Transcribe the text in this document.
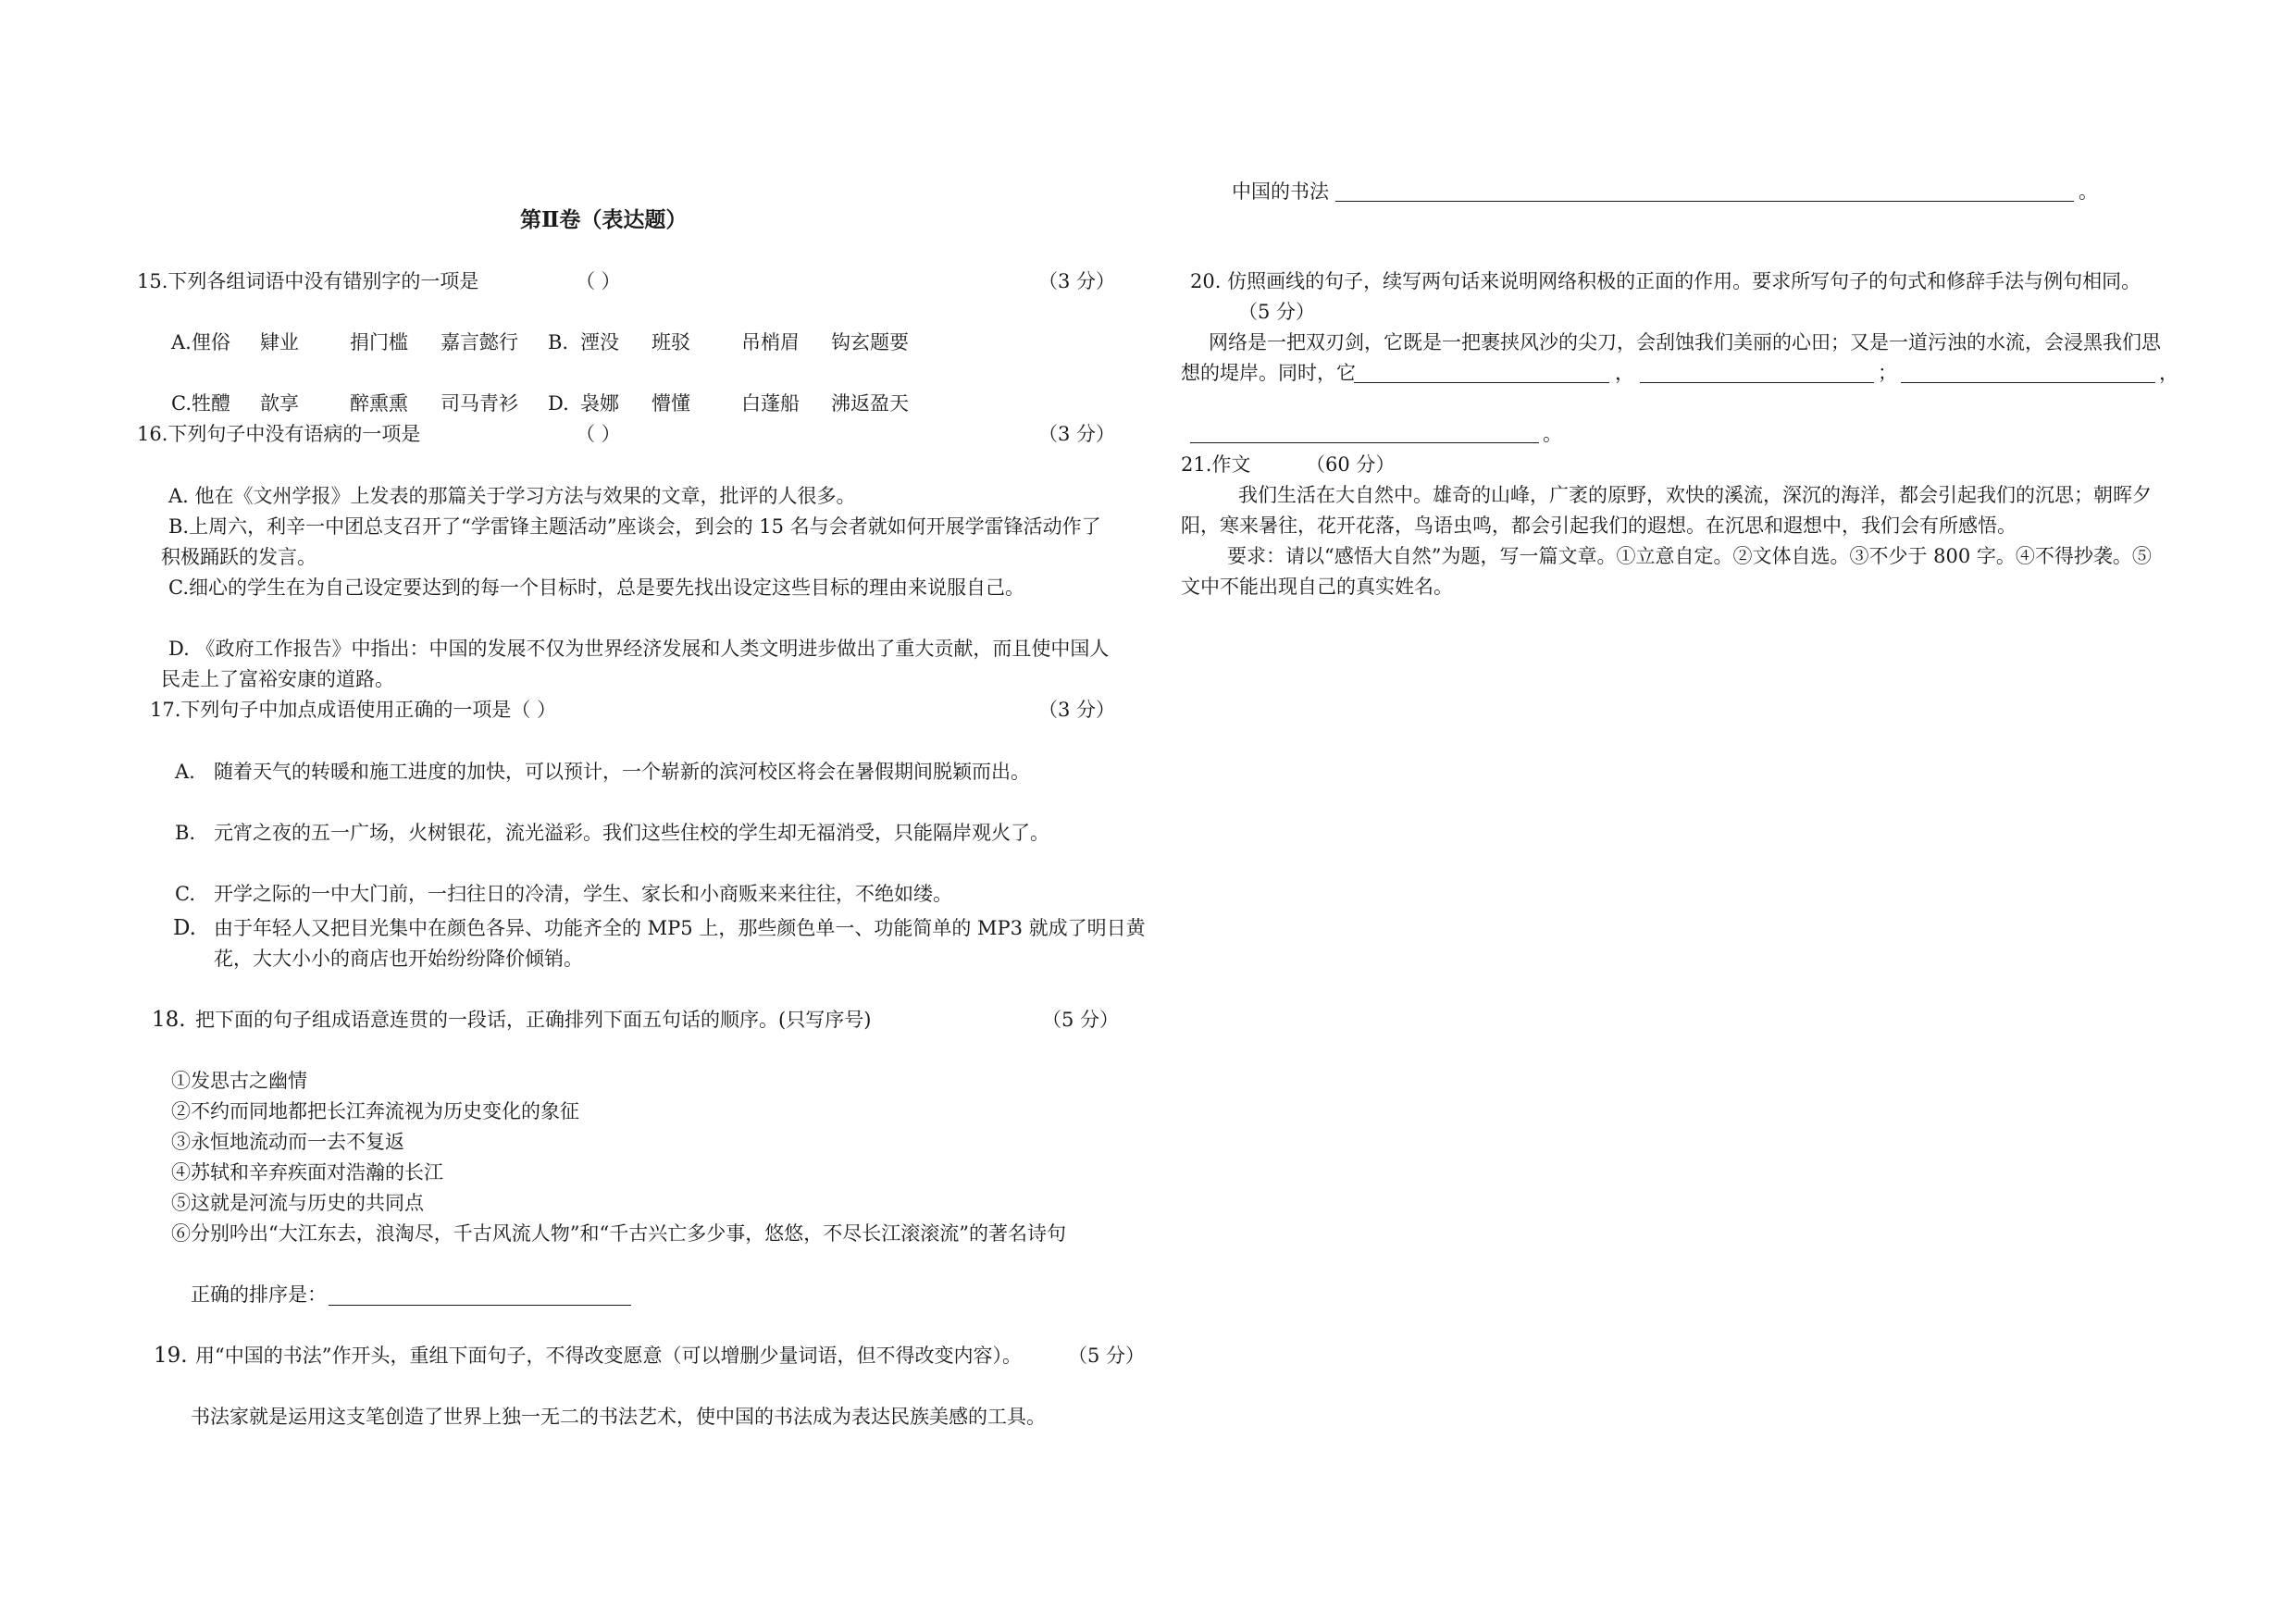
第Ⅱ卷（表达题）
15.下列各组词语中没有错别字的一项是	（ ）	（3 分）
A.俚俗 肄业	捐门槛 嘉言懿行 B. 湮没 班驳	吊梢眉 钩玄题要
C.牲醴 歆享	醉熏熏 司马青衫 D. 袅娜 懵懂	白蓬船 沸返盈天
16.下列句子中没有语病的一项是	（ ）	（3 分）
A. 他在《文州学报》上发表的那篇关于学习方法与效果的文章，批评的人很多。
B.上周六，利辛一中团总支召开了“学雷锋主题活动”座谈会，到会的 15 名与会者就如何开展学雷锋活动作了
积极踊跃的发言。
C.细心的学生在为自己设定要达到的每一个目标时，总是要先找出设定这些目标的理由来说服自己。
D. 《政府工作报告》中指出：中国的发展不仅为世界经济发展和人类文明进步做出了重大贡献，而且使中国人
民走上了富裕安康的道路。
17.下列句子中加点成语使用正确的一项是（ ）	（3 分）
A. 随着天气的转暖和施工进度的加快，可以预计，一个崭新的滨河校区将会在暑假期间脱颖而出。
B. 元宵之夜的五一广场，火树银花，流光溢彩。我们这些住校的学生却无福消受，只能隔岸观火了。
C. 开学之际的一中大门前，一扫往日的冷清，学生、家长和小商贩来来往往，不绝如缕。
D. 由于年轻人又把目光集中在颜色各异、功能齐全的 MP5 上，那些颜色单一、功能简单的 MP3 就成了明日黄
花，大大小小的商店也开始纷纷降价倾销。
18. 把下面的句子组成语意连贯的一段话，正确排列下面五句话的顺序。(只写序号)	（5 分）
①发思古之幽情
②不约而同地都把长江奔流视为历史变化的象征
③永恒地流动而一去不复返
④苏轼和辛弃疾面对浩瀚的长江
⑤这就是河流与历史的共同点
⑥分别吟出“大江东去，浪淘尽，千古风流人物”和“千古兴亡多少事，悠悠，不尽长江滚滚流”的著名诗句
正确的排序是：
19. 用“中国的书法”作开头，重组下面句子，不得改变愿意（可以增删少量词语，但不得改变内容）。 （5 分）
书法家就是运用这支笔创造了世界上独一无二的书法艺术，使中国的书法成为表达民族美感的工具。
中国的书法	。
20. 仿照画线的句子，续写两句话来说明网络积极的正面的作用。要求所写句子的句式和修辞手法与例句相同。
（5 分）
网络是一把双刃剑，它既是一把裹挟风沙的尖刀，会刮蚀我们美丽的心田；又是一道污浊的水流，会浸黑我们思
想的堤岸。同时，它	，	；	，
。
21.作文	（60 分）
我们生活在大自然中。雄奇的山峰，广袤的原野，欢快的溪流，深沉的海洋，都会引起我们的沉思；朝晖夕
阳，寒来暑往，花开花落，鸟语虫鸣，都会引起我们的遐想。在沉思和遐想中，我们会有所感悟。
要求：请以“感悟大自然”为题，写一篇文章。①立意自定。②文体自选。③不少于 800 字。④不得抄袭。⑤
文中不能出现自己的真实姓名。
